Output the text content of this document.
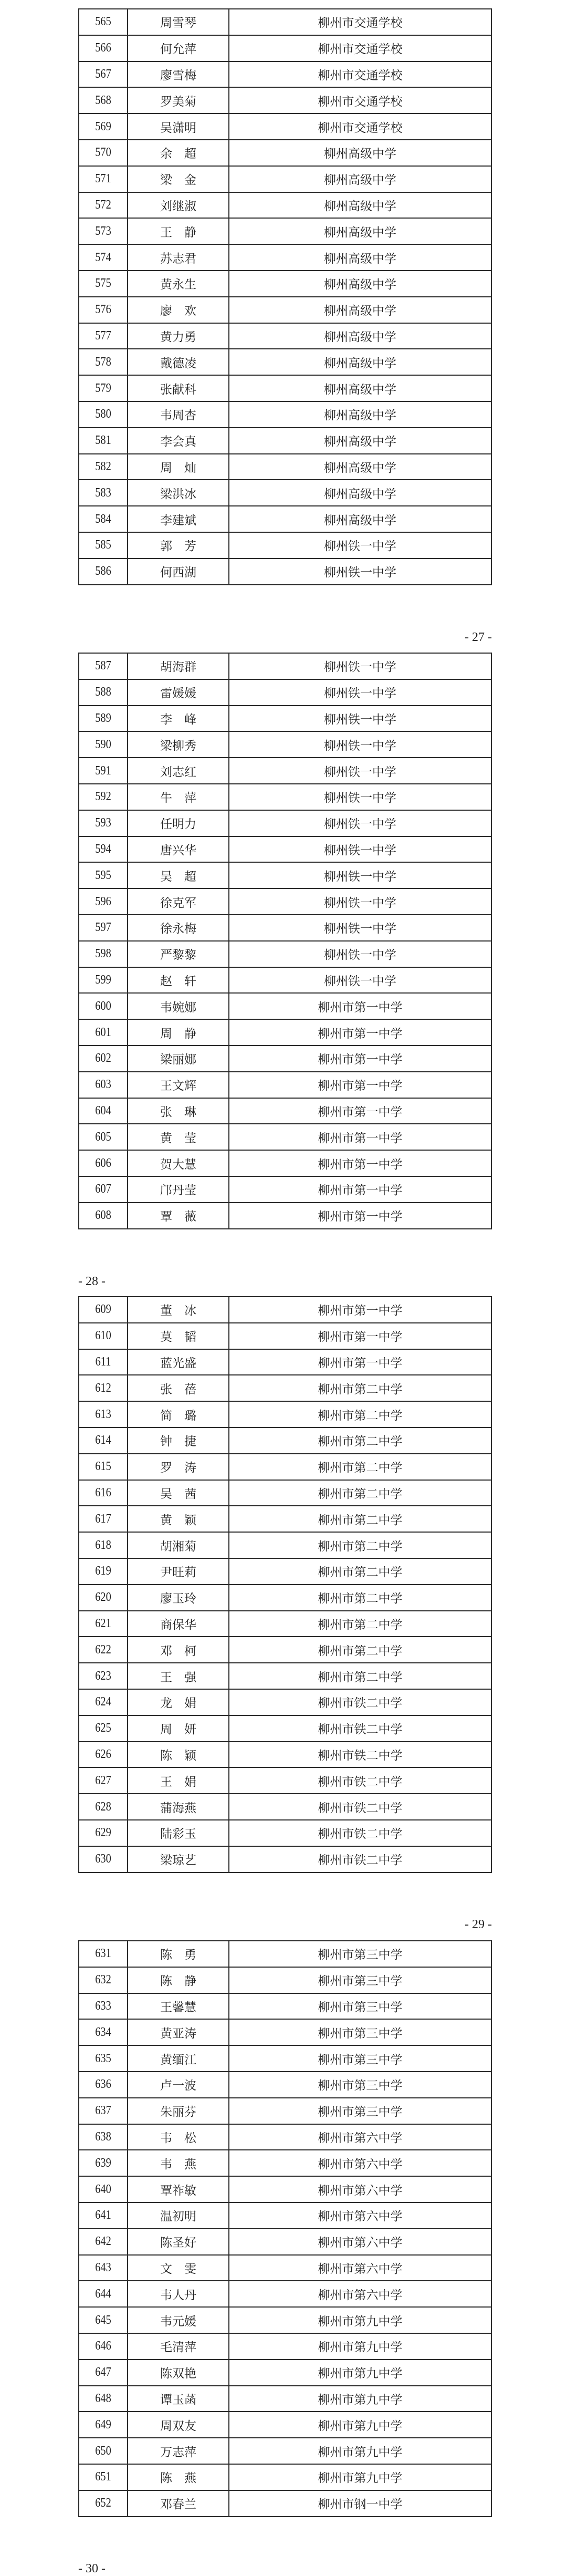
565	周雪琴	柳州市交通学校
566	何允萍	柳州市交通学校
567	廖雪梅	柳州市交通学校
568	罗美菊	柳州市交通学校
569	吴潇明	柳州市交通学校
570	余　超	柳州高级中学
571	梁　金	柳州高级中学
572	刘继淑	柳州高级中学
573	王　静	柳州高级中学
574	苏志君	柳州高级中学
575	黄永生	柳州高级中学
576	廖　欢	柳州高级中学
577	黄力勇	柳州高级中学
578	戴德凌	柳州高级中学
579	张献科	柳州高级中学
580	韦周杏	柳州高级中学
581	李会真	柳州高级中学
582	周　灿	柳州高级中学
583	梁洪冰	柳州高级中学
584	李建斌	柳州高级中学
585	郭　芳	柳州铁一中学
586	何西湖	柳州铁一中学
- 27 -
587	胡海群	柳州铁一中学
588	雷媛媛	柳州铁一中学
589	李　峰	柳州铁一中学
590	梁柳秀	柳州铁一中学
591	刘志红	柳州铁一中学
592	牛　萍	柳州铁一中学
593	任明力	柳州铁一中学
594	唐兴华	柳州铁一中学
595	吴　超	柳州铁一中学
596	徐克军	柳州铁一中学
597	徐永梅	柳州铁一中学
598	严黎黎	柳州铁一中学
599	赵　轩	柳州铁一中学
600	韦婉娜	柳州市第一中学
601	周　静	柳州市第一中学
602	梁丽娜	柳州市第一中学
603	王文辉	柳州市第一中学
604	张　琳	柳州市第一中学
605	黄　莹	柳州市第一中学
606	贺大慧	柳州市第一中学
607	邝丹莹	柳州市第一中学
608	覃　薇	柳州市第一中学
- 28 -
609	董　冰	柳州市第一中学
610	莫　韬	柳州市第一中学
611	蓝光盛	柳州市第一中学
612	张　蓓	柳州市第二中学
613	简　璐	柳州市第二中学
614	钟　捷	柳州市第二中学
615	罗　涛	柳州市第二中学
616	吴　茜	柳州市第二中学
617	黄　颖	柳州市第二中学
618	胡湘菊	柳州市第二中学
619	尹旺莉	柳州市第二中学
620	廖玉玲	柳州市第二中学
621	商保华	柳州市第二中学
622	邓　柯	柳州市第二中学
623	王　强	柳州市第二中学
624	龙　娟	柳州市铁二中学
625	周　妍	柳州市铁二中学
626	陈　颖	柳州市铁二中学
627	王　娟	柳州市铁二中学
628	蒲海燕	柳州市铁二中学
629	陆彩玉	柳州市铁二中学
630	梁琼艺	柳州市铁二中学
- 29 -
631	陈　勇	柳州市第三中学
632	陈　静	柳州市第三中学
633	王馨慧	柳州市第三中学
634	黄亚涛	柳州市第三中学
635	黄缅江	柳州市第三中学
636	卢一波	柳州市第三中学
637	朱丽芬	柳州市第三中学
638	韦　松	柳州市第六中学
639	韦　燕	柳州市第六中学
640	覃祚敏	柳州市第六中学
641	温初明	柳州市第六中学
642	陈圣好	柳州市第六中学
643	文　雯	柳州市第六中学
644	韦人丹	柳州市第六中学
645	韦元媛	柳州市第九中学
646	毛清萍	柳州市第九中学
647	陈双艳	柳州市第九中学
648	谭玉菡	柳州市第九中学
649	周双友	柳州市第九中学
650	万志萍	柳州市第九中学
651	陈　燕	柳州市第九中学
652	邓春兰	柳州市钢一中学
- 30 -
